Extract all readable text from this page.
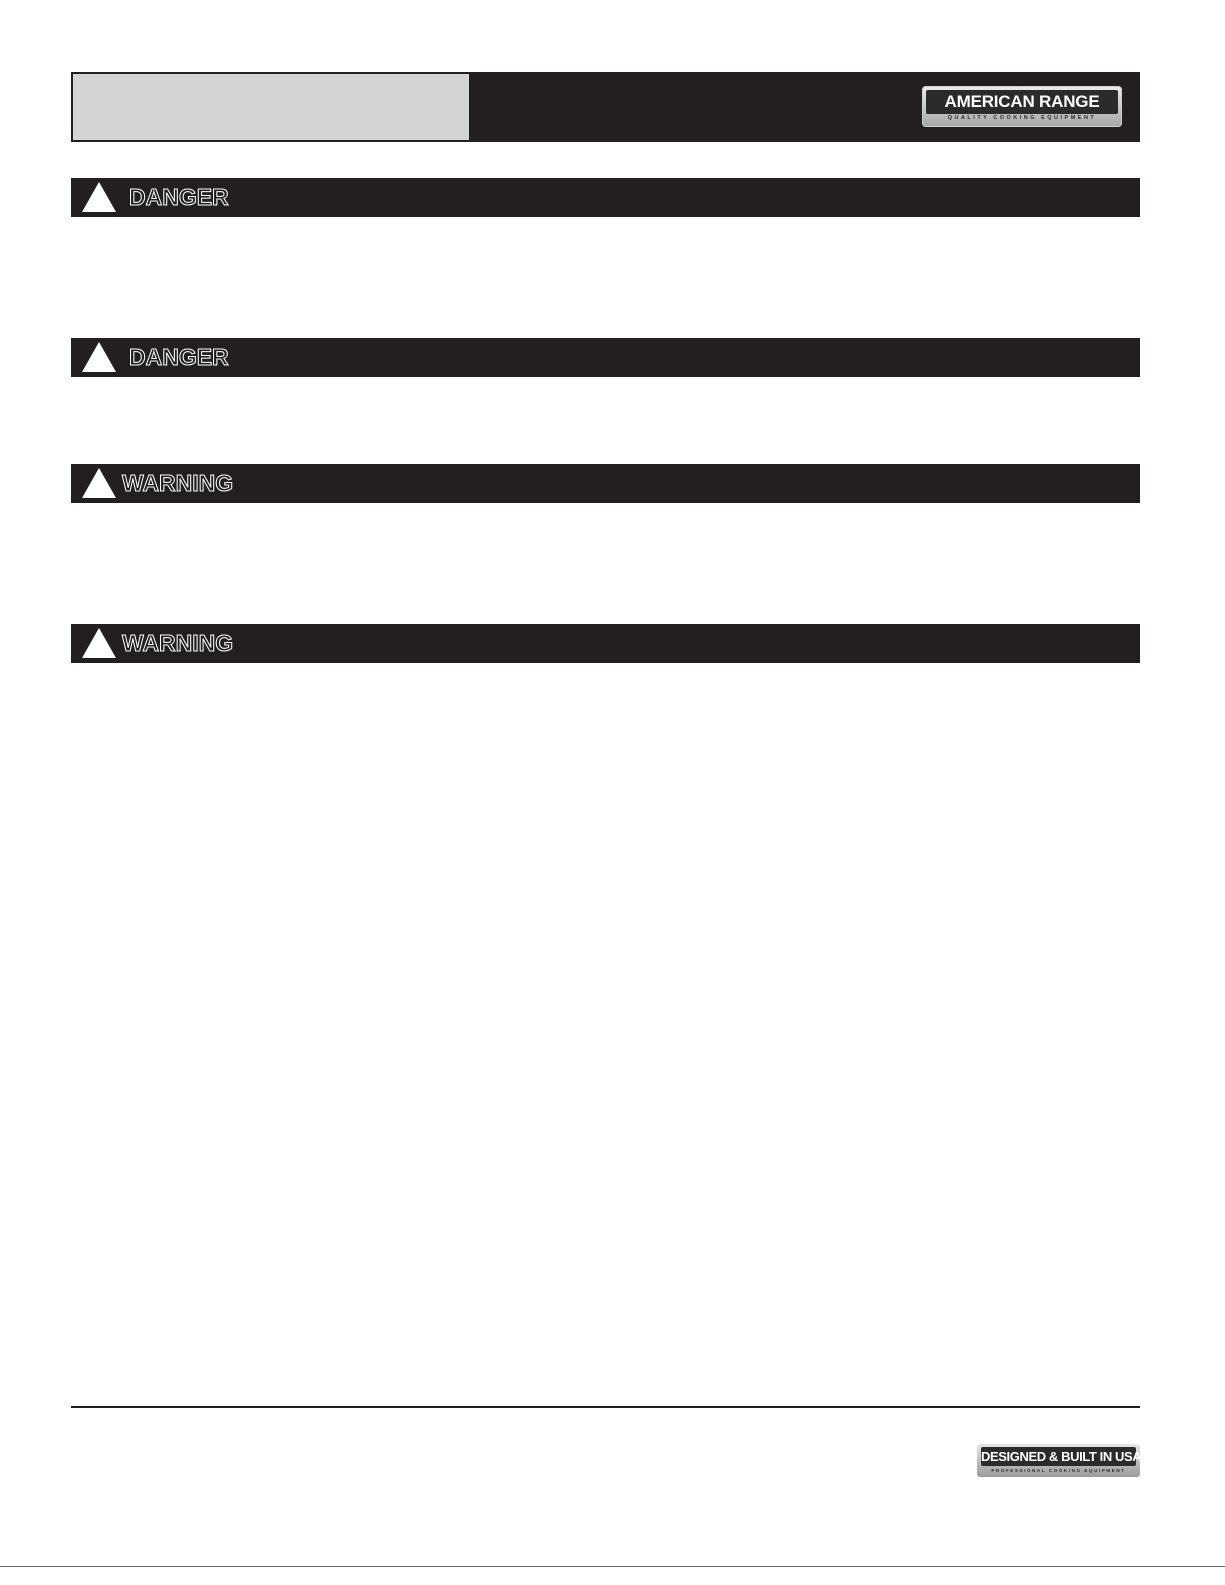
AMERICAN RANGE
QUALITY COOKING EQUIPMENT
DANGER
DANGER
WARNING
WARNING
DESIGNED & BUILT IN USA
PROFESSIONAL COOKING EQUIPMENT
